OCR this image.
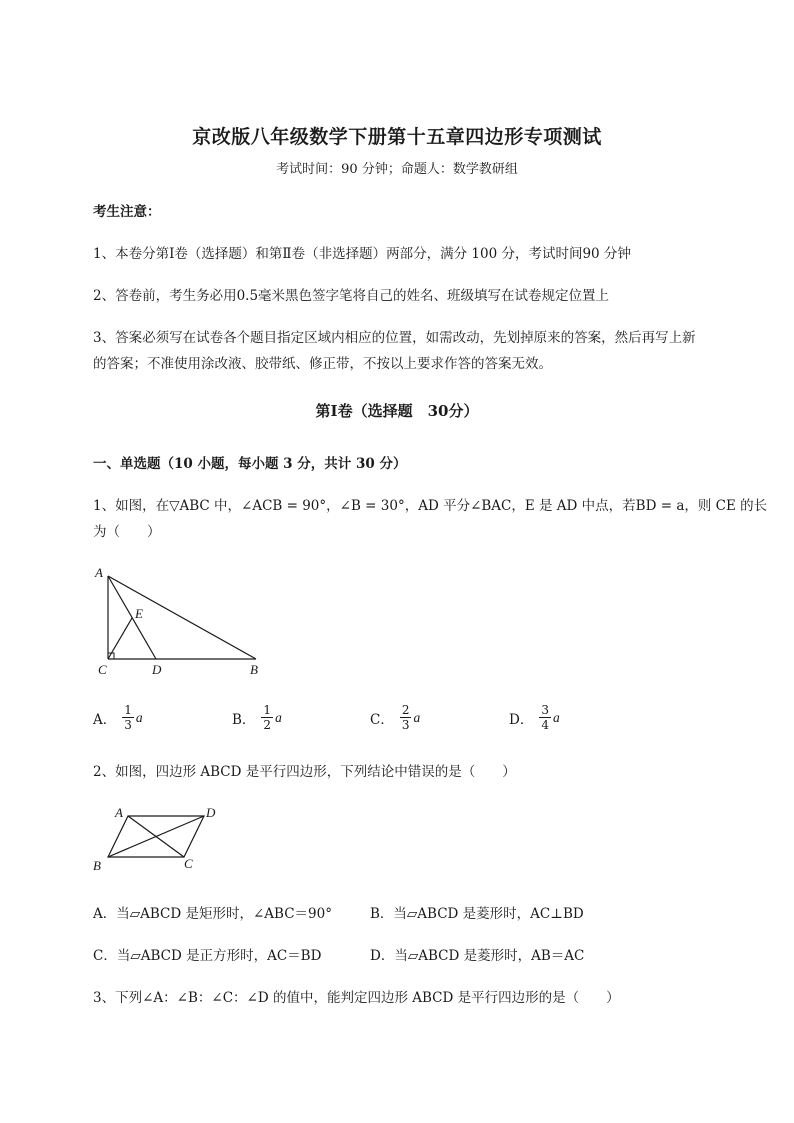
京改版八年级数学下册第十五章四边形专项测试
考试时间：90 分钟；命题人：数学教研组
考生注意：
1、本卷分第Ⅰ卷（选择题）和第Ⅱ卷（非选择题）两部分，满分 100 分，考试时间90 分钟
2、答卷前，考生务必用0.5毫米黑色签字笔将自己的姓名、班级填写在试卷规定位置上
3、答案必须写在试卷各个题目指定区域内相应的位置，如需改动，先划掉原来的答案，然后再写上新
的答案；不准使用涂改液、胶带纸、修正带，不按以上要求作答的答案无效。
第Ⅰ卷（选择题　30分）
一、单选题（10 小题，每小题 3 分，共计 30 分）
1、如图，在▽ABC 中，∠ACB = 90°，∠B = 30°，AD 平分∠BAC，E 是 AD 中点，若BD = a，则 CE 的长
为（　　）
A
E
C	D	B
A． $\frac{1}{3}$ a	B． $\frac{1}{2}$ a	C． $\frac{2}{3}$ a	D． $\frac{3}{4}$ a
2、如图，四边形 ABCD 是平行四边形，下列结论中错误的是（　　）
A	D
B	C
A．当▱ABCD 是矩形时，∠ABC＝90°	B．当▱ABCD 是菱形时，AC⊥BD
C．当▱ABCD 是正方形时，AC＝BD	D．当▱ABCD 是菱形时，AB＝AC
3、下列∠A：∠B：∠C：∠D 的值中，能判定四边形 ABCD 是平行四边形的是（　　）
